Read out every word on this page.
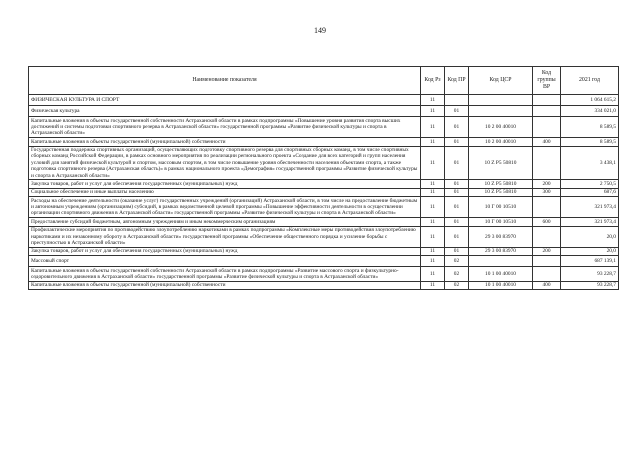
149
Наименование показателя	Код Рз	Код ПР	Код ЦСР	Код группы ВР	2021 год
ФИЗИЧЕСКАЯ КУЛЬТУРА И СПОРТ	11				1 064 615,2
Физическая культура	11	01			334 021,0
Капитальные вложения в объекты государственной собственности Астраханской области в рамках подпрограммы «Повышение уровня развития спорта высших достижений и системы подготовки спортивного резерва в Астраханской области» государственной программы «Развитие физической культуры и спорта в Астраханской области»	11	01	10 2 00 40010		8 589,5
Капитальные вложения в объекты государственной (муниципальной) собственности	11	01	10 2 00 40010	400	8 589,5
Государственная поддержка спортивных организаций, осуществляющих подготовку спортивного резерва для спортивных сборных команд, в том числе спортивных сборных команд Российской Федерации, в рамках основного мероприятия по реализации регионального проекта «Создание для всех категорий и групп населения условий для занятий физической культурой и спортом, массовым спортом, в том числе повышение уровня обеспеченности населения объектами спорта, а также подготовка спортивного резерва (Астраханская область)» в рамках национального проекта «Демография» государственной программы «Развитие физической культуры и спорта в Астраханской области»	11	01	10 Z P5 50810		3 438,1
Закупка товаров, работ и услуг для обеспечения государственных (муниципальных) нужд	11	01	10 Z P5 50810	200	2 750,5
Социальное обеспечение и иные выплаты населению	11	01	10 Z P5 50810	300	687,6
Расходы на обеспечение деятельности (оказание услуг) государственных учреждений (организаций) Астраханской области, в том числе на предоставление бюджетным и автономным учреждениям (организациям) субсидий, в рамках ведомственной целевой программы «Повышение эффективности деятельности в осуществлении организации спортивного движения в Астраханской области» государственной программы «Развитие физической культуры и спорта в Астраханской области»	11	01	10 Г 00 10510		321 973,4
Предоставление субсидий бюджетным, автономным учреждениям и иным некоммерческим организациям	11	01	10 Г 00 10510	600	321 973,4
Профилактические мероприятия по противодействию злоупотреблению наркотиками в рамках подпрограммы «Комплексные меры противодействия злоупотреблению наркотиками и их незаконному обороту в Астраханской области» государственной программы «Обеспечение общественного порядка и усиление борьбы с преступностью в Астраханской области»	11	01	29 3 00 83970		20,0
Закупка товаров, работ и услуг для обеспечения государственных (муниципальных) нужд	11	01	29 3 00 83970	200	20,0
Массовый спорт	11	02			687 139,1
Капитальные вложения в объекты государственной собственности Астраханской области в рамках подпрограммы «Развитие массового спорта и физкультурно-оздоровительного движения в Астраханской области» государственной программы «Развитие физической культуры и спорта в Астраханской области»	11	02	10 1 00 40010		93 228,7
Капитальные вложения в объекты государственной (муниципальной) собственности	11	02	10 1 00 40010	400	93 228,7
